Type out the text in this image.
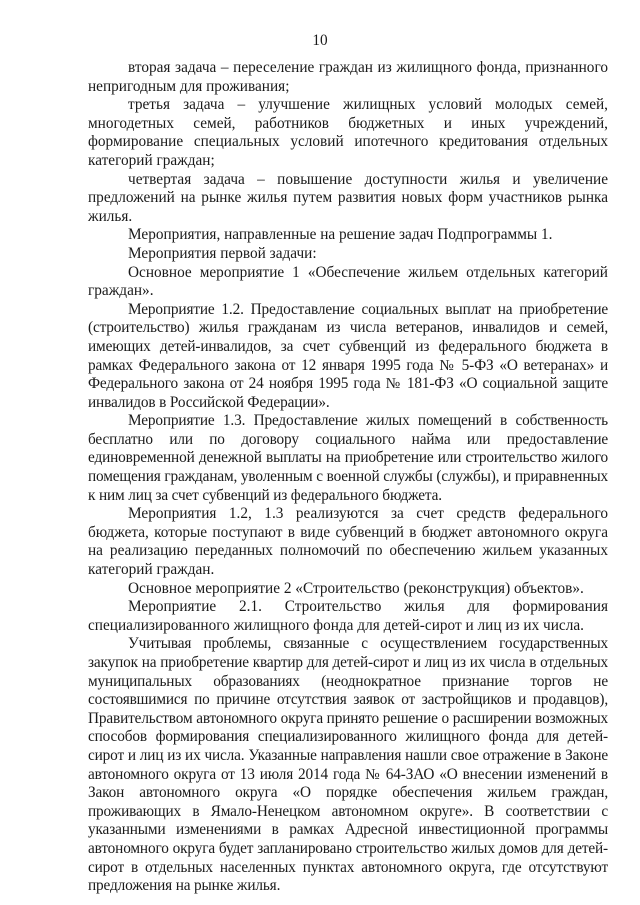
10

вторая задача – переселение граждан из жилищного фонда, признанного непригодным для проживания;

третья задача – улучшение жилищных условий молодых семей, многодетных семей, работников бюджетных и иных учреждений, формирование специальных условий ипотечного кредитования отдельных категорий граждан;

четвертая задача – повышение доступности жилья и увеличение предложений на рынке жилья путем развития новых форм участников рынка жилья.

Мероприятия, направленные на решение задач Подпрограммы 1.

Мероприятия первой задачи:

Основное мероприятие 1 «Обеспечение жильем отдельных категорий граждан».

Мероприятие 1.2. Предоставление социальных выплат на приобретение (строительство) жилья гражданам из числа ветеранов, инвалидов и семей, имеющих детей-инвалидов, за счет субвенций из федерального бюджета в рамках Федерального закона от 12 января 1995 года № 5-ФЗ «О ветеранах» и Федерального закона от 24 ноября 1995 года № 181-ФЗ «О социальной защите инвалидов в Российской Федерации».

Мероприятие 1.3. Предоставление жилых помещений в собственность бесплатно или по договору социального найма или предоставление единовременной денежной выплаты на приобретение или строительство жилого помещения гражданам, уволенным с военной службы (службы), и приравненных к ним лиц за счет субвенций из федерального бюджета.

Мероприятия 1.2, 1.3 реализуются за счет средств федерального бюджета, которые поступают в виде субвенций в бюджет автономного округа на реализацию переданных полномочий по обеспечению жильем указанных категорий граждан.

Основное мероприятие 2 «Строительство (реконструкция) объектов».

Мероприятие 2.1. Строительство жилья для формирования специализированного жилищного фонда для детей-сирот и лиц из их числа.

Учитывая проблемы, связанные с осуществлением государственных закупок на приобретение квартир для детей-сирот и лиц из их числа в отдельных муниципальных образованиях (неоднократное признание торгов не состоявшимися по причине отсутствия заявок от застройщиков и продавцов), Правительством автономного округа принято решение о расширении возможных способов формирования специализированного жилищного фонда для детей-сирот и лиц из их числа. Указанные направления нашли свое отражение в Законе автономного округа от 13 июля 2014 года № 64-ЗАО «О внесении изменений в Закон автономного округа «О порядке обеспечения жильем граждан, проживающих в Ямало-Ненецком автономном округе». В соответствии с указанными изменениями в рамках Адресной инвестиционной программы автономного округа будет запланировано строительство жилых домов для детей-сирот в отдельных населенных пунктах автономного округа, где отсутствуют предложения на рынке жилья.
